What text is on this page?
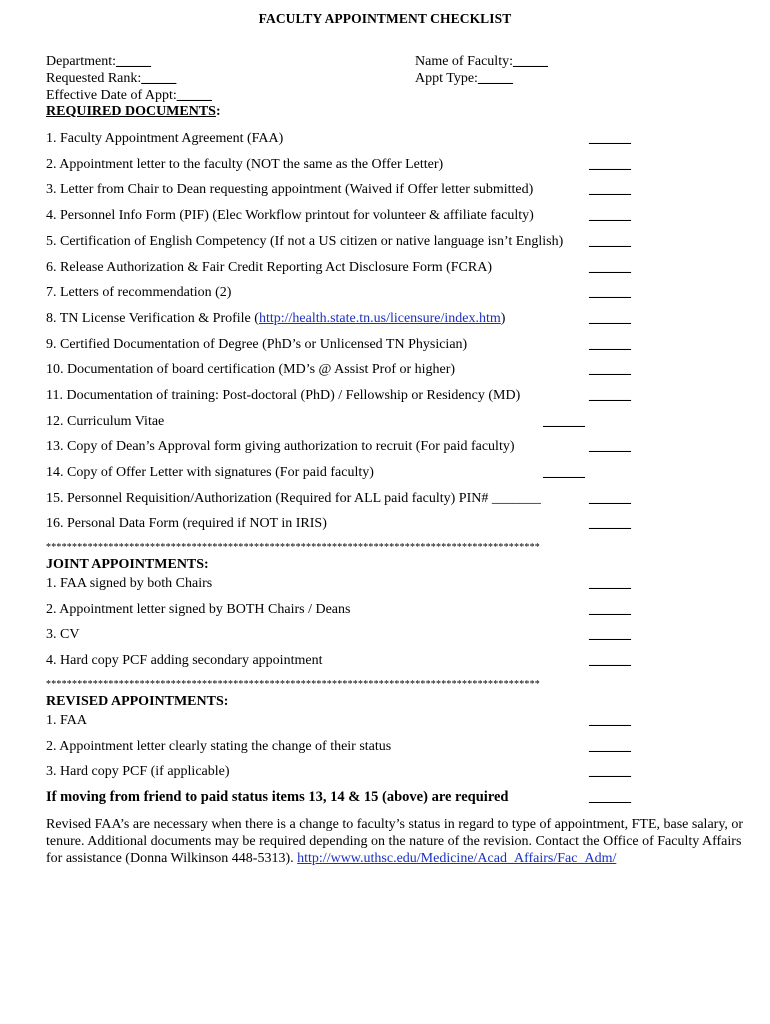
FACULTY APPOINTMENT CHECKLIST
Department:_____
Requested Rank:_____
Effective Date of Appt:_____
Name of Faculty:_____
Appt Type:_____
REQUIRED DOCUMENTS:
1. Faculty Appointment Agreement (FAA)	______
2. Appointment letter to the faculty (NOT the same as the Offer Letter)	______
3. Letter from Chair to Dean requesting appointment (Waived if Offer letter submitted)	______
4. Personnel Info Form (PIF) (Elec Workflow printout for volunteer & affiliate faculty)	______
5. Certification of English Competency (If not a US citizen or native language isn’t English) ______
6. Release Authorization & Fair Credit Reporting Act Disclosure Form (FCRA)	______
7. Letters of recommendation (2)	______
8. TN License Verification & Profile (http://health.state.tn.us/licensure/index.htm)	______
9. Certified Documentation of Degree (PhD’s or Unlicensed TN Physician)	______
10. Documentation of board certification (MD’s @ Assist Prof or higher)	______
11. Documentation of training: Post-doctoral (PhD) / Fellowship or Residency (MD)	______
12. Curriculum Vitae	______
13. Copy of Dean’s Approval form giving authorization to recruit (For paid faculty)	______
14. Copy of Offer Letter with signatures (For paid faculty)	______
15. Personnel Requisition/Authorization (Required for ALL paid faculty) PIN# _______	______
16. Personal Data Form (required if NOT in IRIS)	______
***********************************************************************************************
JOINT APPOINTMENTS:
1. FAA signed by both Chairs	______
2. Appointment letter signed by BOTH Chairs / Deans	______
3. CV	______
4. Hard copy PCF adding secondary appointment	______
***********************************************************************************************
REVISED APPOINTMENTS:
1. FAA	______
2. Appointment letter clearly stating the change of their status	______
3. Hard copy PCF (if applicable)	______
If moving from friend to paid status items 13, 14 & 15 (above) are required	______
Revised FAA’s are necessary when there is a change to faculty’s status in regard to type of appointment, FTE, base salary, or tenure. Additional documents may be required depending on the nature of the revision. Contact the Office of Faculty Affairs for assistance (Donna Wilkinson 448-5313). http://www.uthsc.edu/Medicine/Acad_Affairs/Fac_Adm/
